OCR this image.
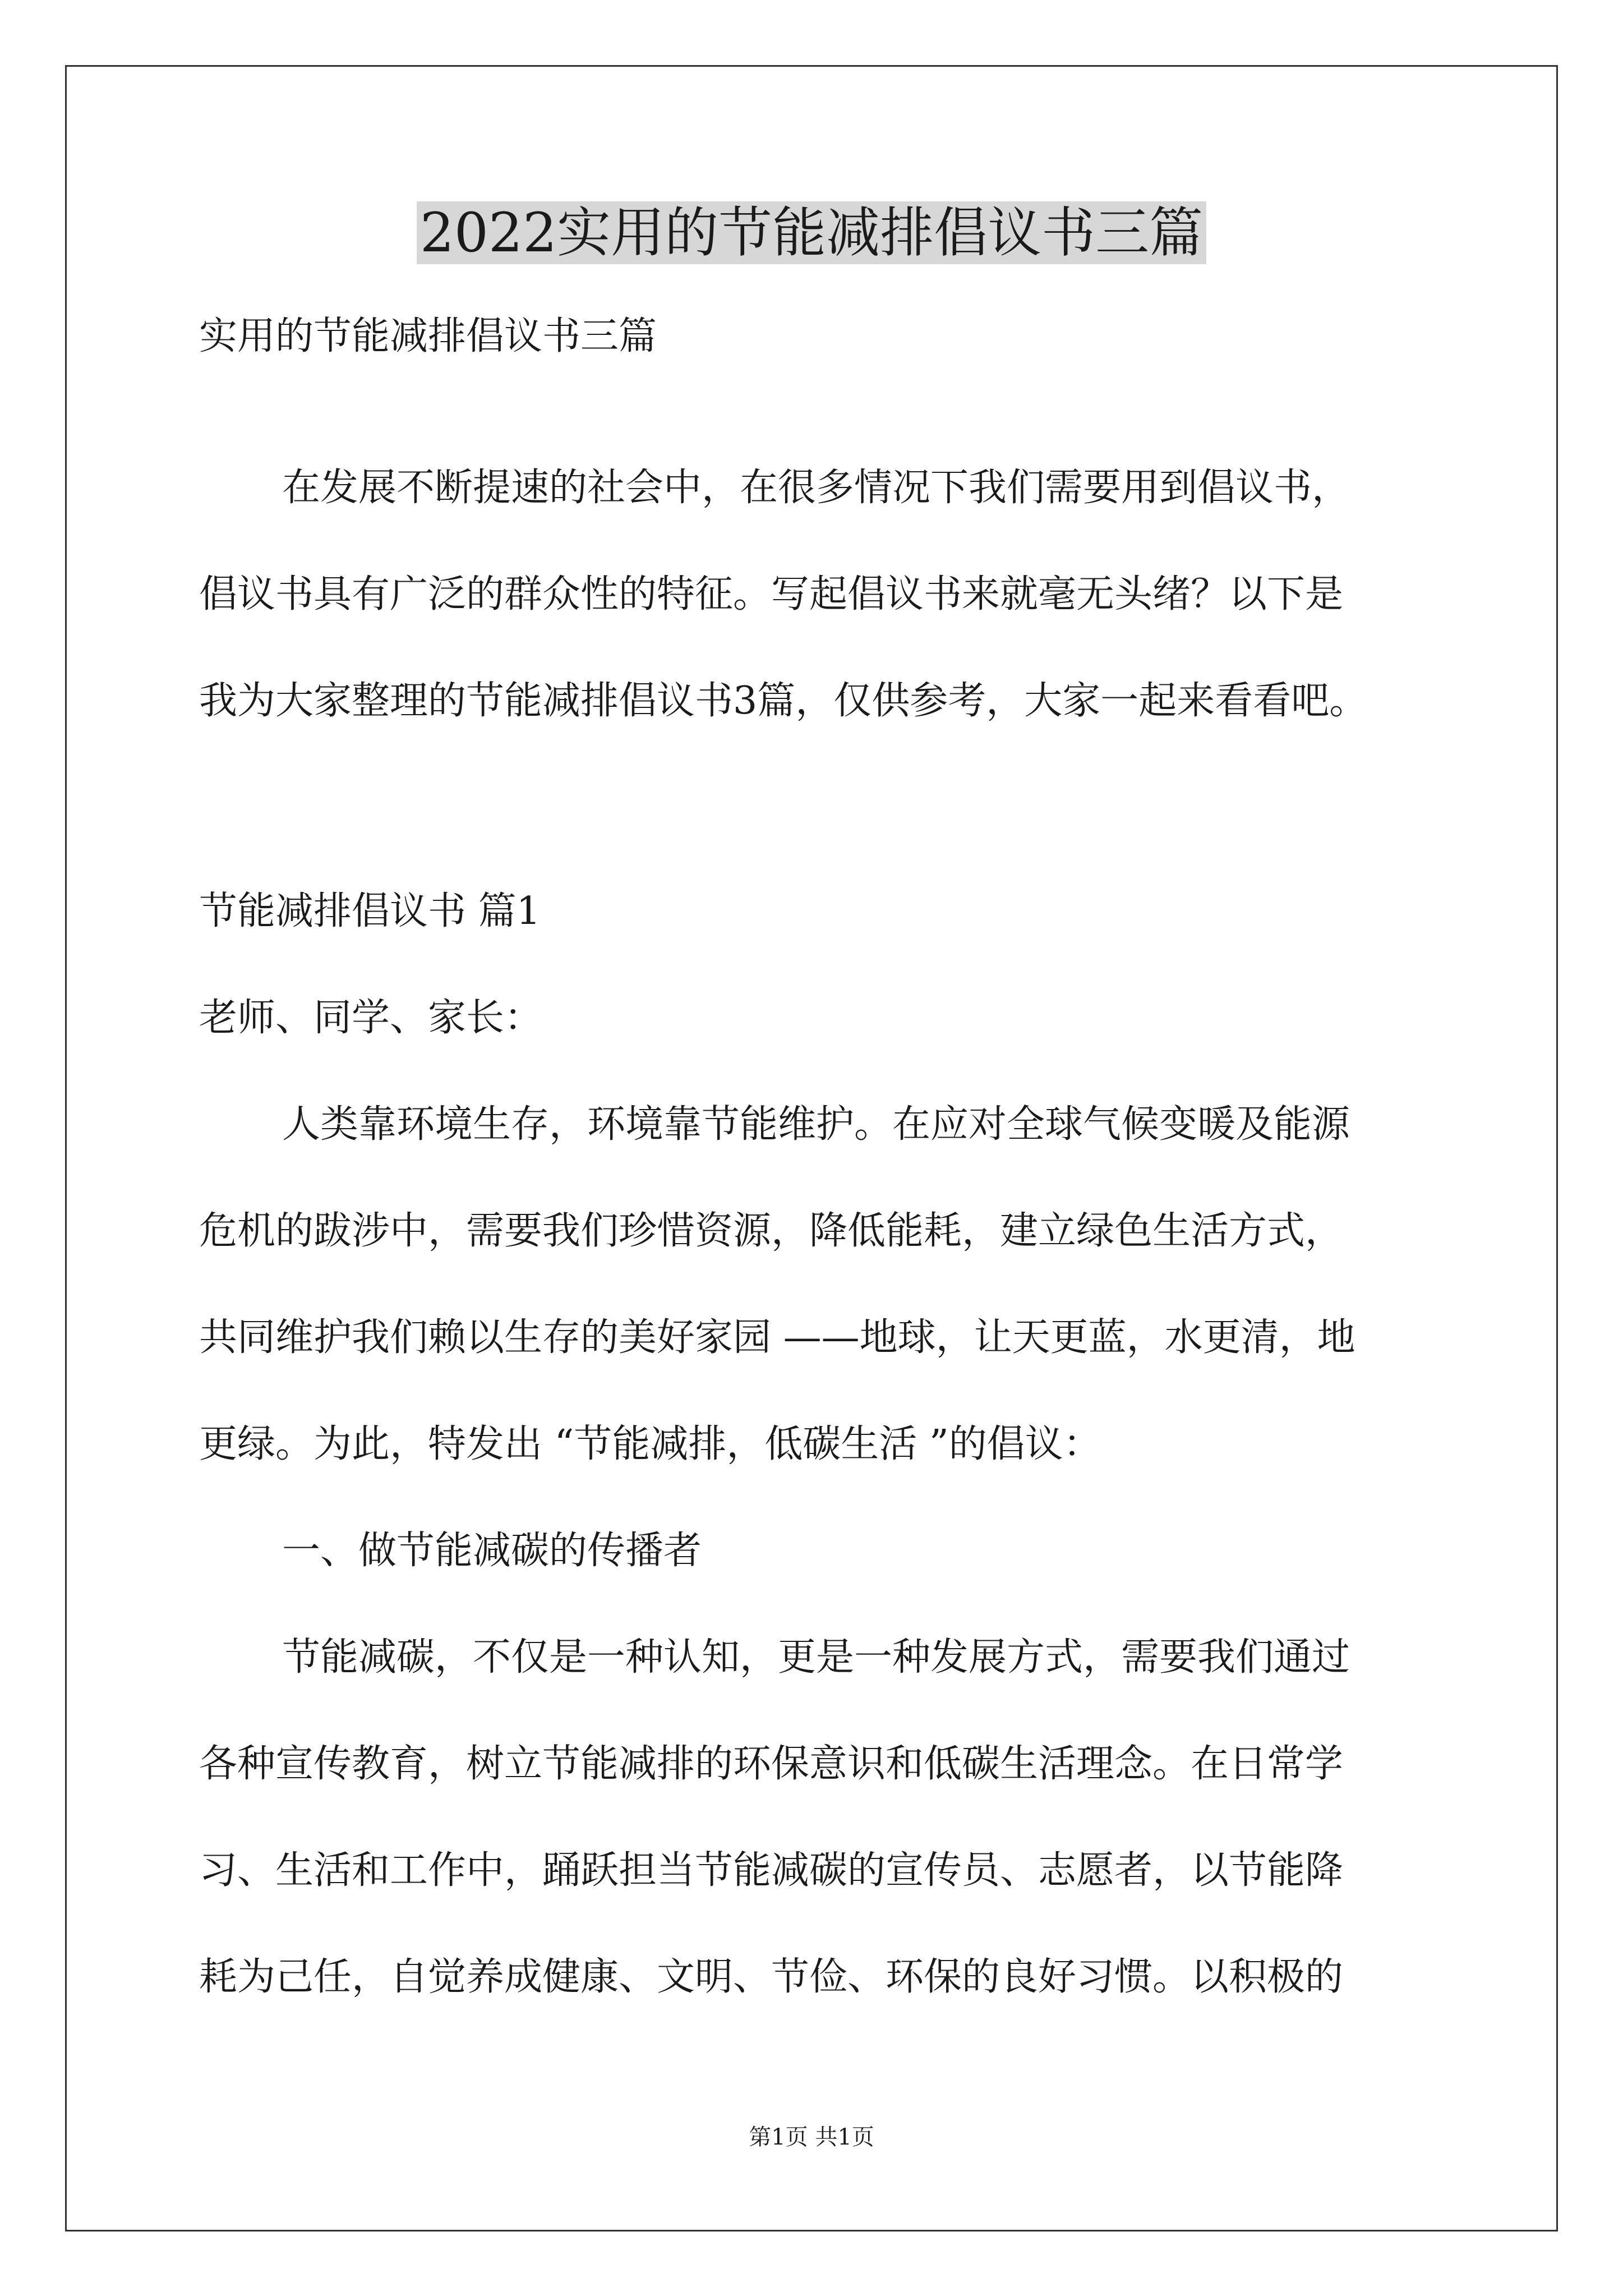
2022实用的节能减排倡议书三篇
实用的节能减排倡议书三篇
在发展不断提速的社会中，在很多情况下我们需要用到倡议书，
倡议书具有广泛的群众性的特征。写起倡议书来就毫无头绪？以下是
我为大家整理的节能减排倡议书3篇，仅供参考，大家一起来看看吧。
节能减排倡议书 篇1
老师、同学、家长：
人类靠环境生存，环境靠节能维护。在应对全球气候变暖及能源
危机的跋涉中，需要我们珍惜资源，降低能耗，建立绿色生活方式，
共同维护我们赖以生存的美好家园 ——地球，让天更蓝，水更清，地
更绿。为此，特发出 “节能减排，低碳生活 ”的倡议：
一、做节能减碳的传播者
节能减碳，不仅是一种认知，更是一种发展方式，需要我们通过
各种宣传教育，树立节能减排的环保意识和低碳生活理念。在日常学
习、生活和工作中，踊跃担当节能减碳的宣传员、志愿者，以节能降
耗为己任，自觉养成健康、文明、节俭、环保的良好习惯。以积极的
第1页 共1页
